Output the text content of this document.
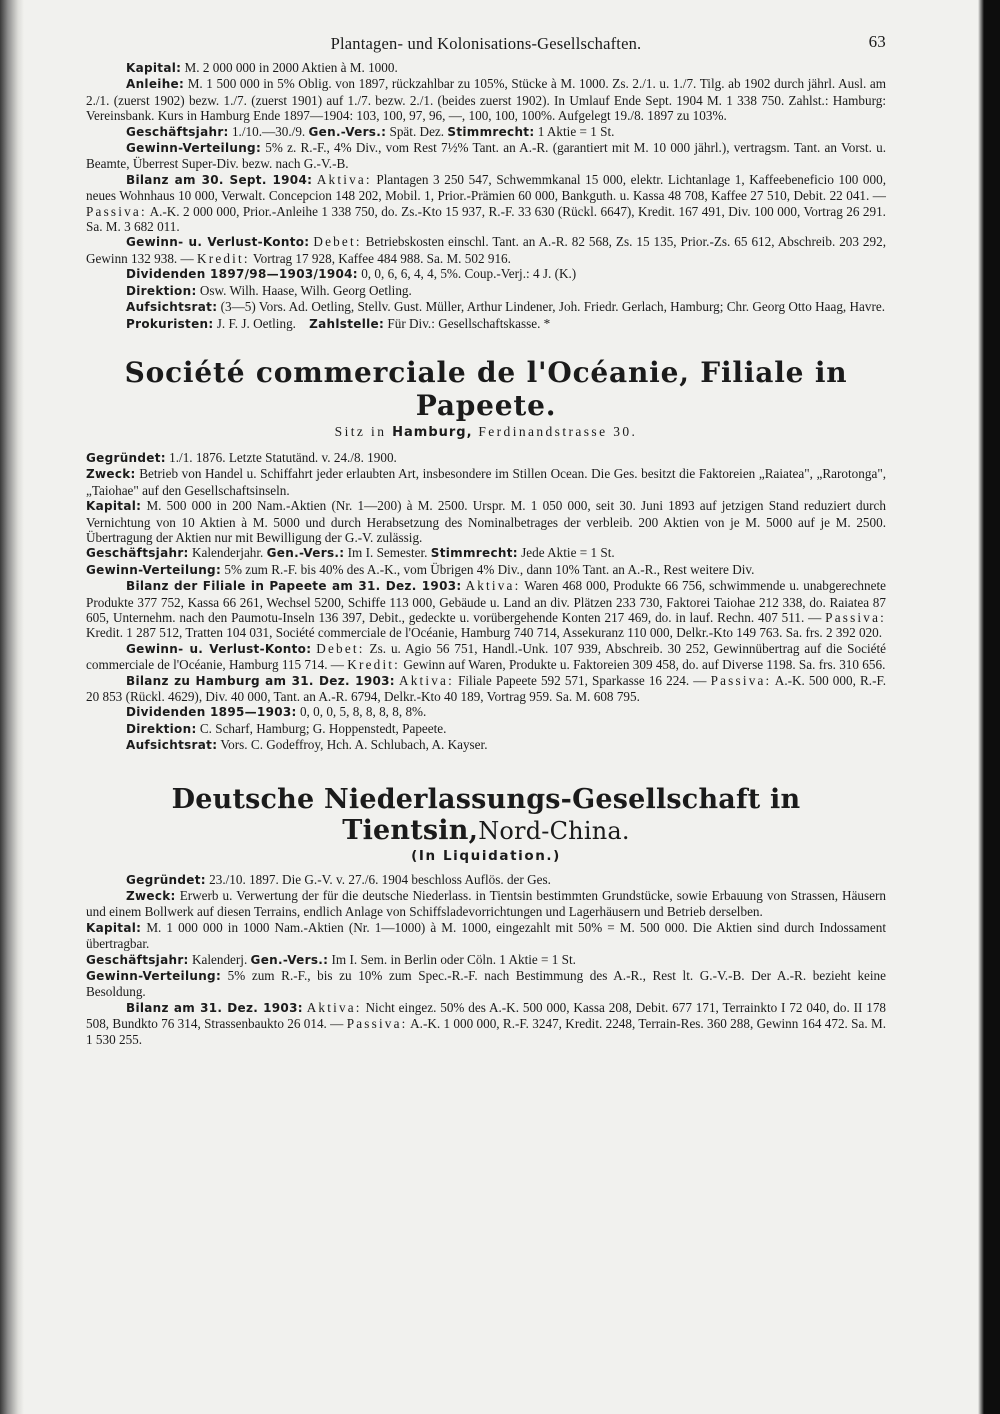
Plantagen- und Kolonisations-Gesellschaften.	63

Kapital: M. 2 000 000 in 2000 Aktien à M. 1000.

Anleihe: M. 1 500 000 in 5% Oblig. von 1897, rückzahlbar zu 105%, Stücke à M. 1000. Zs. 2./1. u. 1./7. Tilg. ab 1902 durch jährl. Ausl. am 2./1. (zuerst 1902) bezw. 1./7. (zuerst 1901) auf 1./7. bezw. 2./1. (beides zuerst 1902). In Umlauf Ende Sept. 1904 M. 1 338 750. Zahlst.: Hamburg: Vereinsbank. Kurs in Hamburg Ende 1897—1904: 103, 100, 97, 96, —, 100, 100, 100%. Aufgelegt 19./8. 1897 zu 103%.

Geschäftsjahr: 1./10.—30./9. Gen.-Vers.: Spät. Dez. Stimmrecht: 1 Aktie = 1 St.

Gewinn-Verteilung: 5% z. R.-F., 4% Div., vom Rest 7½% Tant. an A.-R. (garantiert mit M. 10 000 jährl.), vertragsm. Tant. an Vorst. u. Beamte, Überrest Super-Div. bezw. nach G.-V.-B.

Bilanz am 30. Sept. 1904: Aktiva: Plantagen 3 250 547, Schwemmkanal 15 000, elektr. Lichtanlage 1, Kaffeebeneficio 100 000, neues Wohnhaus 10 000, Verwalt. Concepcion 148 202, Mobil. 1, Prior.-Prämien 60 000, Bankguth. u. Kassa 48 708, Kaffee 27 510, Debit. 22 041. — Passiva: A.-K. 2 000 000, Prior.-Anleihe 1 338 750, do. Zs.-Kto 15 937, R.-F. 33 630 (Rückl. 6647), Kredit. 167 491, Div. 100 000, Vortrag 26 291. Sa. M. 3 682 011.

Gewinn- u. Verlust-Konto: Debet: Betriebskosten einschl. Tant. an A.-R. 82 568, Zs. 15 135, Prior.-Zs. 65 612, Abschreib. 203 292, Gewinn 132 938. — Kredit: Vortrag 17 928, Kaffee 484 988. Sa. M. 502 916.

Dividenden 1897/98—1903/1904: 0, 0, 6, 6, 4, 4, 5%. Coup.-Verj.: 4 J. (K.)

Direktion: Osw. Wilh. Haase, Wilh. Georg Oetling.

Aufsichtsrat: (3—5) Vors. Ad. Oetling, Stellv. Gust. Müller, Arthur Lindener, Joh. Friedr. Gerlach, Hamburg; Chr. Georg Otto Haag, Havre.

Prokuristen: J. F. J. Oetling. Zahlstelle: Für Div.: Gesellschaftskasse. *

Société commerciale de l'Océanie, Filiale in Papeete.
Sitz in Hamburg, Ferdinandstrasse 30.

Gegründet: 1./1. 1876. Letzte Statutänd. v. 24./8. 1900.

Zweck: Betrieb von Handel u. Schiffahrt jeder erlaubten Art, insbesondere im Stillen Ocean. Die Ges. besitzt die Faktoreien „Raiatea", „Rarotonga", „Taiohae" auf den Gesellschaftsinseln.

Kapital: M. 500 000 in 200 Nam.-Aktien (Nr. 1—200) à M. 2500. Urspr. M. 1 050 000, seit 30. Juni 1893 auf jetzigen Stand reduziert durch Vernichtung von 10 Aktien à M. 5000 und durch Herabsetzung des Nominalbetrages der verbleib. 200 Aktien von je M. 5000 auf je M. 2500. Übertragung der Aktien nur mit Bewilligung der G.-V. zulässig.

Geschäftsjahr: Kalenderjahr. Gen.-Vers.: Im I. Semester. Stimmrecht: Jede Aktie = 1 St.

Gewinn-Verteilung: 5% zum R.-F. bis 40% des A.-K., vom Übrigen 4% Div., dann 10% Tant. an A.-R., Rest weitere Div.

Bilanz der Filiale in Papeete am 31. Dez. 1903: Aktiva: Waren 468 000, Produkte 66 756, schwimmende u. unabgerechnete Produkte 377 752, Kassa 66 261, Wechsel 5200, Schiffe 113 000, Gebäude u. Land an div. Plätzen 233 730, Faktorei Taiohae 212 338, do. Raiatea 87 605, Unternehm. nach den Paumotu-Inseln 136 397, Debit., gedeckte u. vorübergehende Konten 217 469, do. in lauf. Rechn. 407 511. — Passiva: Kredit. 1 287 512, Tratten 104 031, Société commerciale de l'Océanie, Hamburg 740 714, Assekuranz 110 000, Delkr.-Kto 149 763. Sa. frs. 2 392 020.

Gewinn- u. Verlust-Konto: Debet: Zs. u. Agio 56 751, Handl.-Unk. 107 939, Abschreib. 30 252, Gewinnübertrag auf die Société commerciale de l'Océanie, Hamburg 115 714. — Kredit: Gewinn auf Waren, Produkte u. Faktoreien 309 458, do. auf Diverse 1198. Sa. frs. 310 656.

Bilanz zu Hamburg am 31. Dez. 1903: Aktiva: Filiale Papeete 592 571, Sparkasse 16 224. — Passiva: A.-K. 500 000, R.-F. 20 853 (Rückl. 4629), Div. 40 000, Tant. an A.-R. 6794, Delkr.-Kto 40 189, Vortrag 959. Sa. M. 608 795.

Dividenden 1895—1903: 0, 0, 0, 5, 8, 8, 8, 8, 8%.

Direktion: C. Scharf, Hamburg; G. Hoppenstedt, Papeete.

Aufsichtsrat: Vors. C. Godeffroy, Hch. A. Schlubach, A. Kayser.

Deutsche Niederlassungs-Gesellschaft in Tientsin,Nord-China.
(In Liquidation.)

Gegründet: 23./10. 1897. Die G.-V. v. 27./6. 1904 beschloss Auflös. der Ges.

Zweck: Erwerb u. Verwertung der für die deutsche Niederlass. in Tientsin bestimmten Grundstücke, sowie Erbauung von Strassen, Häusern und einem Bollwerk auf diesen Terrains, endlich Anlage von Schiffsladevorrichtungen und Lagerhäusern und Betrieb derselben.

Kapital: M. 1 000 000 in 1000 Nam.-Aktien (Nr. 1—1000) à M. 1000, eingezahlt mit 50% = M. 500 000. Die Aktien sind durch Indossament übertragbar.

Geschäftsjahr: Kalenderj. Gen.-Vers.: Im I. Sem. in Berlin oder Cöln. 1 Aktie = 1 St.

Gewinn-Verteilung: 5% zum R.-F., bis zu 10% zum Spec.-R.-F. nach Bestimmung des A.-R., Rest lt. G.-V.-B. Der A.-R. bezieht keine Besoldung.

Bilanz am 31. Dez. 1903: Aktiva: Nicht eingez. 50% des A.-K. 500 000, Kassa 208, Debit. 677 171, Terrainkto I 72 040, do. II 178 508, Bundkto 76 314, Strassenbaukto 26 014. — Passiva: A.-K. 1 000 000, R.-F. 3247, Kredit. 2248, Terrain-Res. 360 288, Gewinn 164 472. Sa. M. 1 530 255.
